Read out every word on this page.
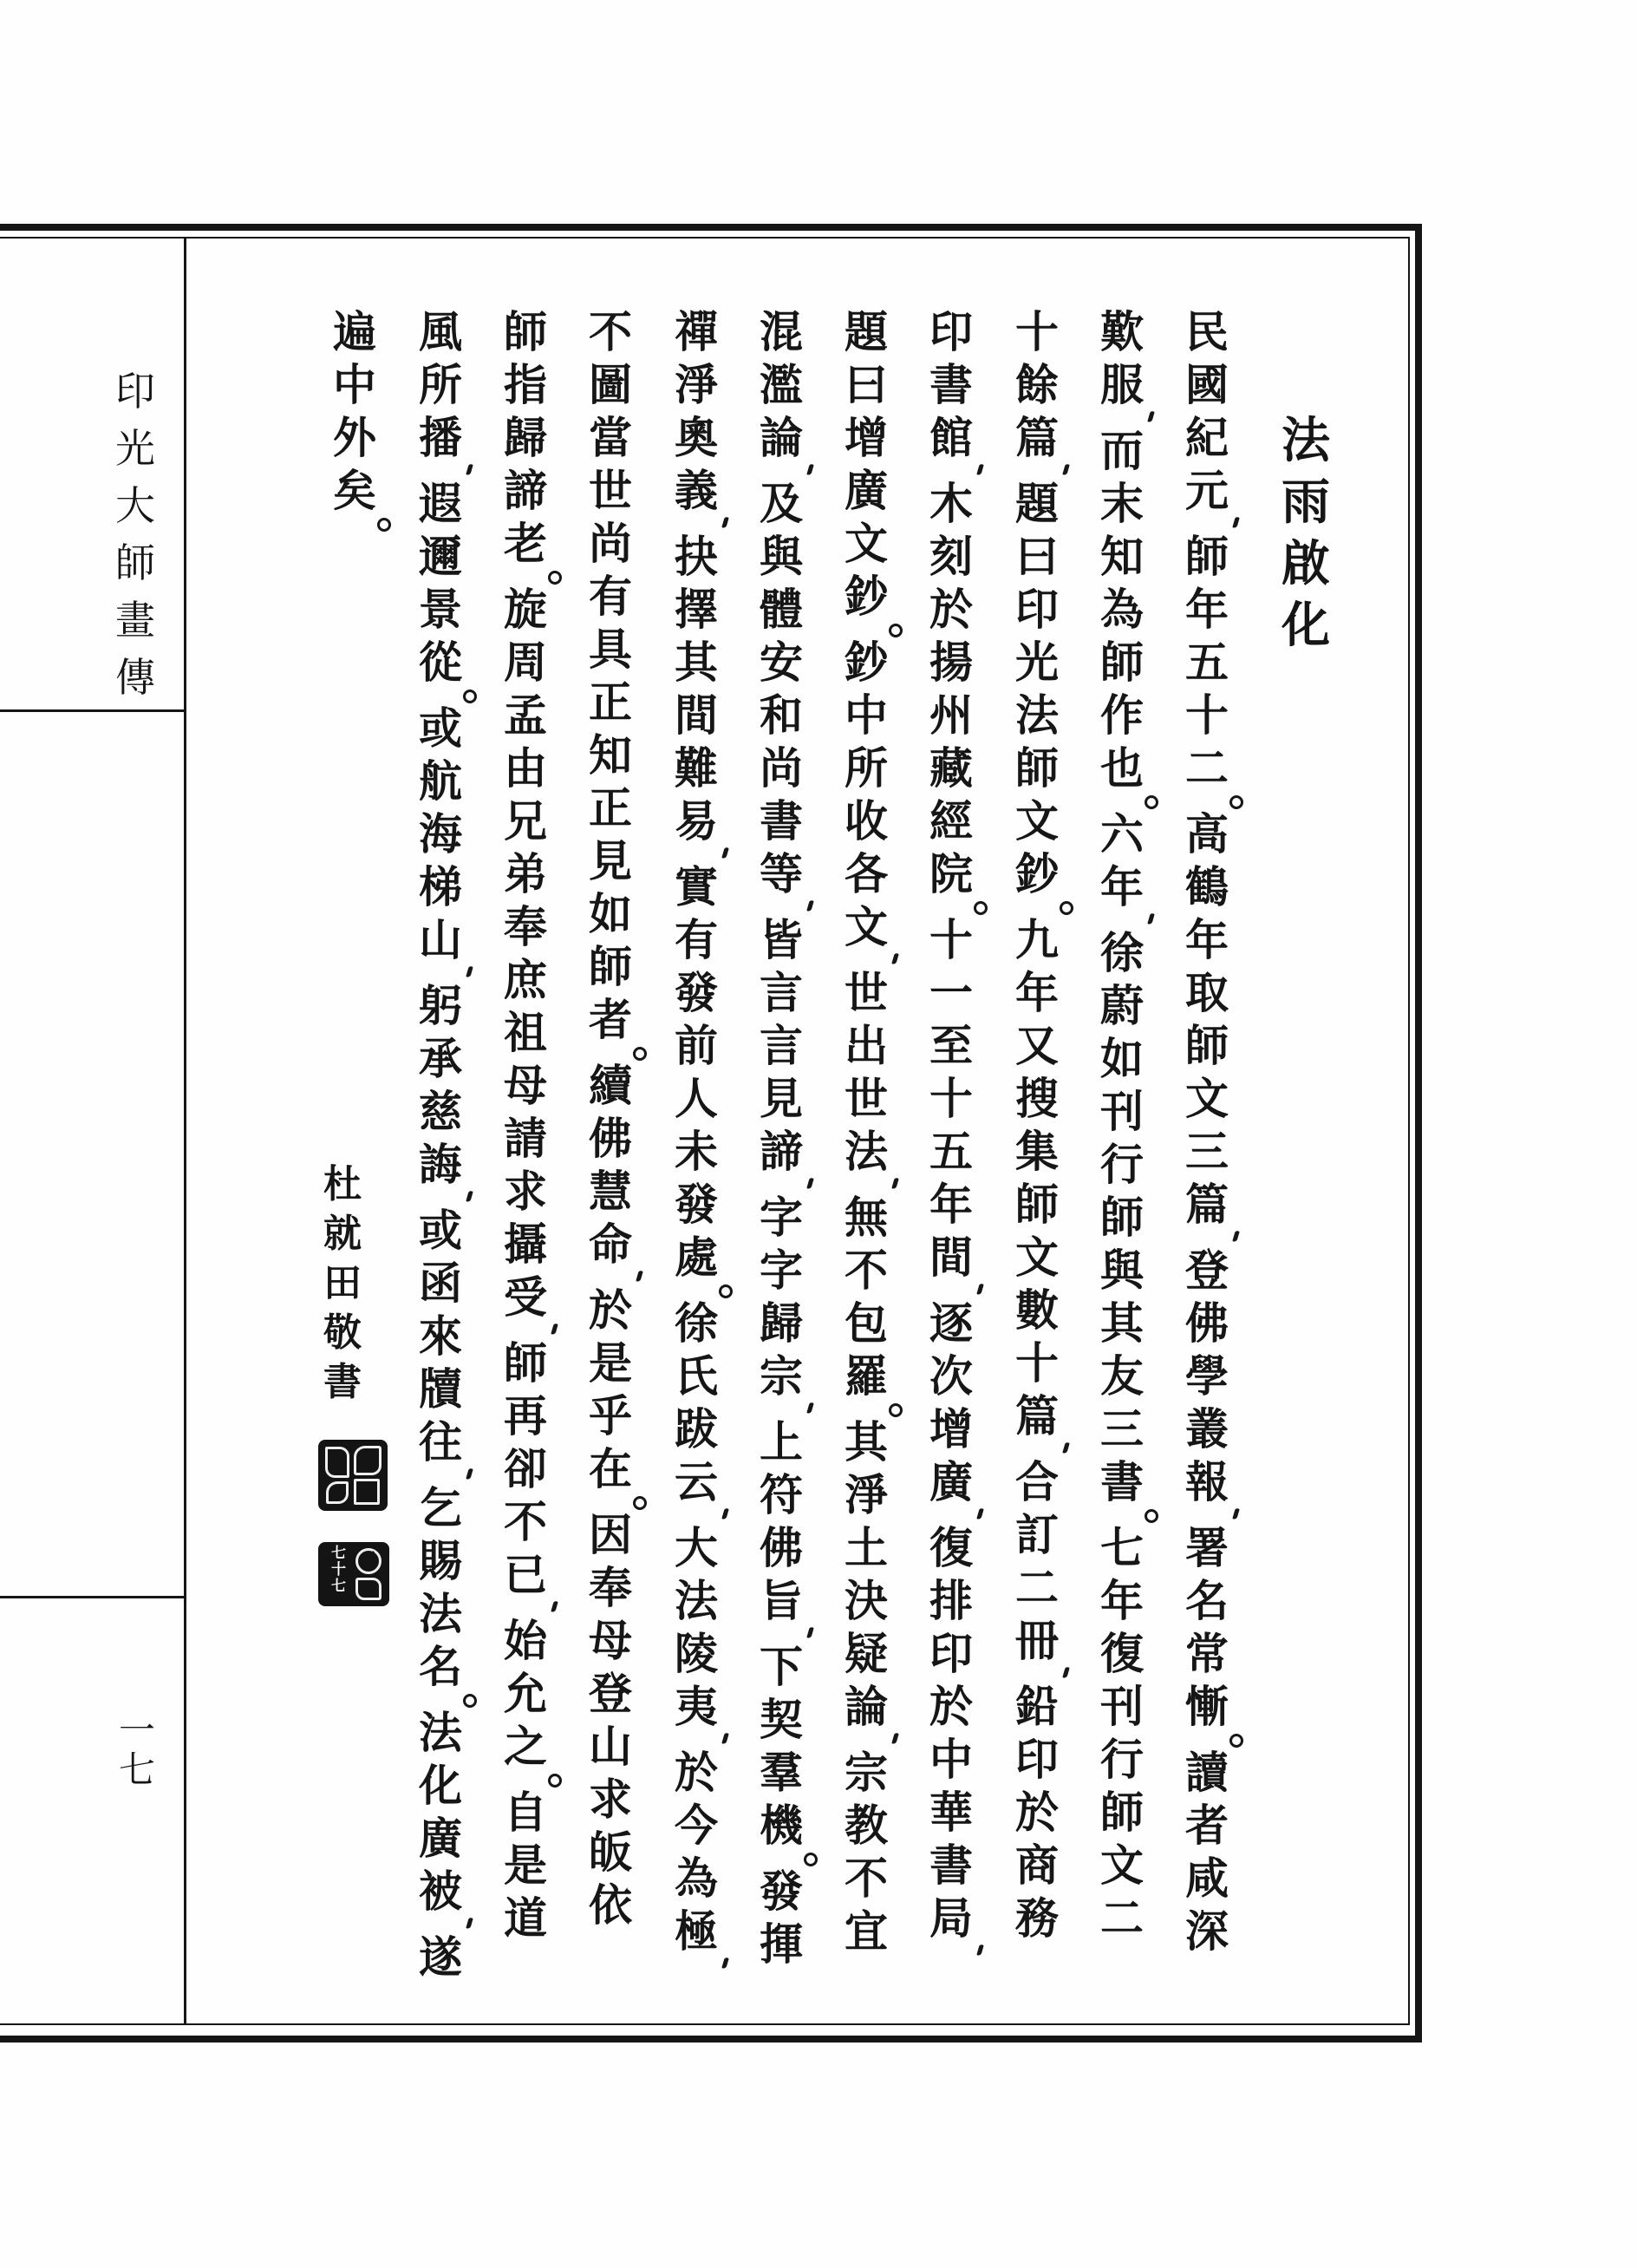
印
光
大
師
畫
傳
一
七
法
雨
啟
化
民
國
紀
元
師
年
五
十
二
高
鶴
年
取
師
文
三
篇
登
佛
學
叢
報
署
名
常
慚
讀
者
咸
深
歎
服
而
末
知
為
師
作
也
六
年
徐
蔚
如
刊
行
師
與
其
友
三
書
七
年
復
刊
行
師
文
二
十
餘
篇
題
曰
印
光
法
師
文
鈔
九
年
又
搜
集
師
文
數
十
篇
合
訂
二
冊
鉛
印
於
商
務
印
書
館
木
刻
於
揚
州
藏
經
院
十
一
至
十
五
年
間
逐
次
增
廣
復
排
印
於
中
華
書
局
題
曰
增
廣
文
鈔
鈔
中
所
收
各
文
世
出
世
法
無
不
包
羅
其
淨
土
決
疑
論
宗
教
不
宜
混
濫
論
及
與
體
安
和
尚
書
等
皆
言
言
見
諦
字
字
歸
宗
上
符
佛
旨
下
契
羣
機
發
揮
禪
淨
奧
義
抉
擇
其
間
難
易
實
有
發
前
人
未
發
處
徐
氏
跋
云
大
法
陵
夷
於
今
為
極
不
圖
當
世
尚
有
具
正
知
正
見
如
師
者
續
佛
慧
命
於
是
乎
在
因
奉
母
登
山
求
皈
依
師
指
歸
諦
老
旋
周
孟
由
兄
弟
奉
庶
祖
母
請
求
攝
受
師
再
卻
不
已
始
允
之
自
是
道
風
所
播
遐
邇
景
從
或
航
海
梯
山
躬
承
慈
誨
或
函
來
牘
往
乞
賜
法
名
法
化
廣
被
遂
遍
中
外
矣
杜
就
田
敬
書
七十七
